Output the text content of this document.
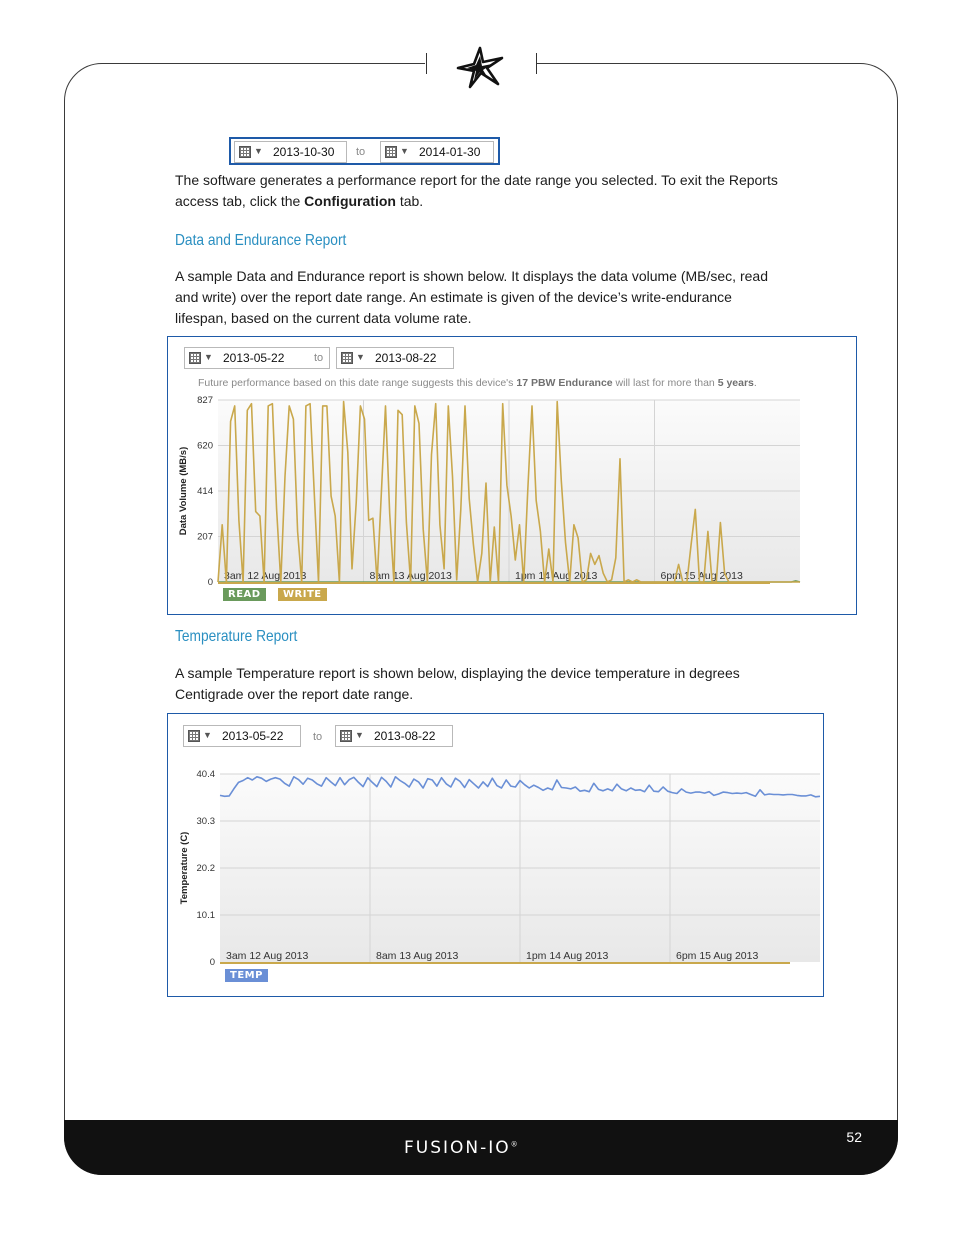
▼ 2013-10-30 to	▼ 2014-01-30
The software generates a performance report for the date range you selected. To exit the Reports
access tab, click the Configuration tab.
Data and Endurance Report
A sample Data and Endurance report is shown below. It displays the data volume (MB/sec, read
and write) over the report date range. An estimate is given of the device’s write-endurance
lifespan, based on the current data volume rate.
▼ 2013-05-22	to	▼ 2013-08-22
Future performance based on this date range suggests this device's 17 PBW Endurance will last for more than 5 years.
0
207
414
620
827
3am 12 Aug 2013	8am 13 Aug 2013	1pm 14 Aug 2013	6pm 15 Aug 2013
Data Volume (MB/s)
READ	WRITE
Temperature Report
A sample Temperature report is shown below, displaying the device temperature in degrees
Centigrade over the report date range.
▼ 2013-05-22	to	▼ 2013-08-22
0
10.1
20.2
30.3
40.4
3am 12 Aug 2013	8am 13 Aug 2013	1pm 14 Aug 2013	6pm 15 Aug 2013
Temperature (C)
TEMP
52
FUSION-IO®
